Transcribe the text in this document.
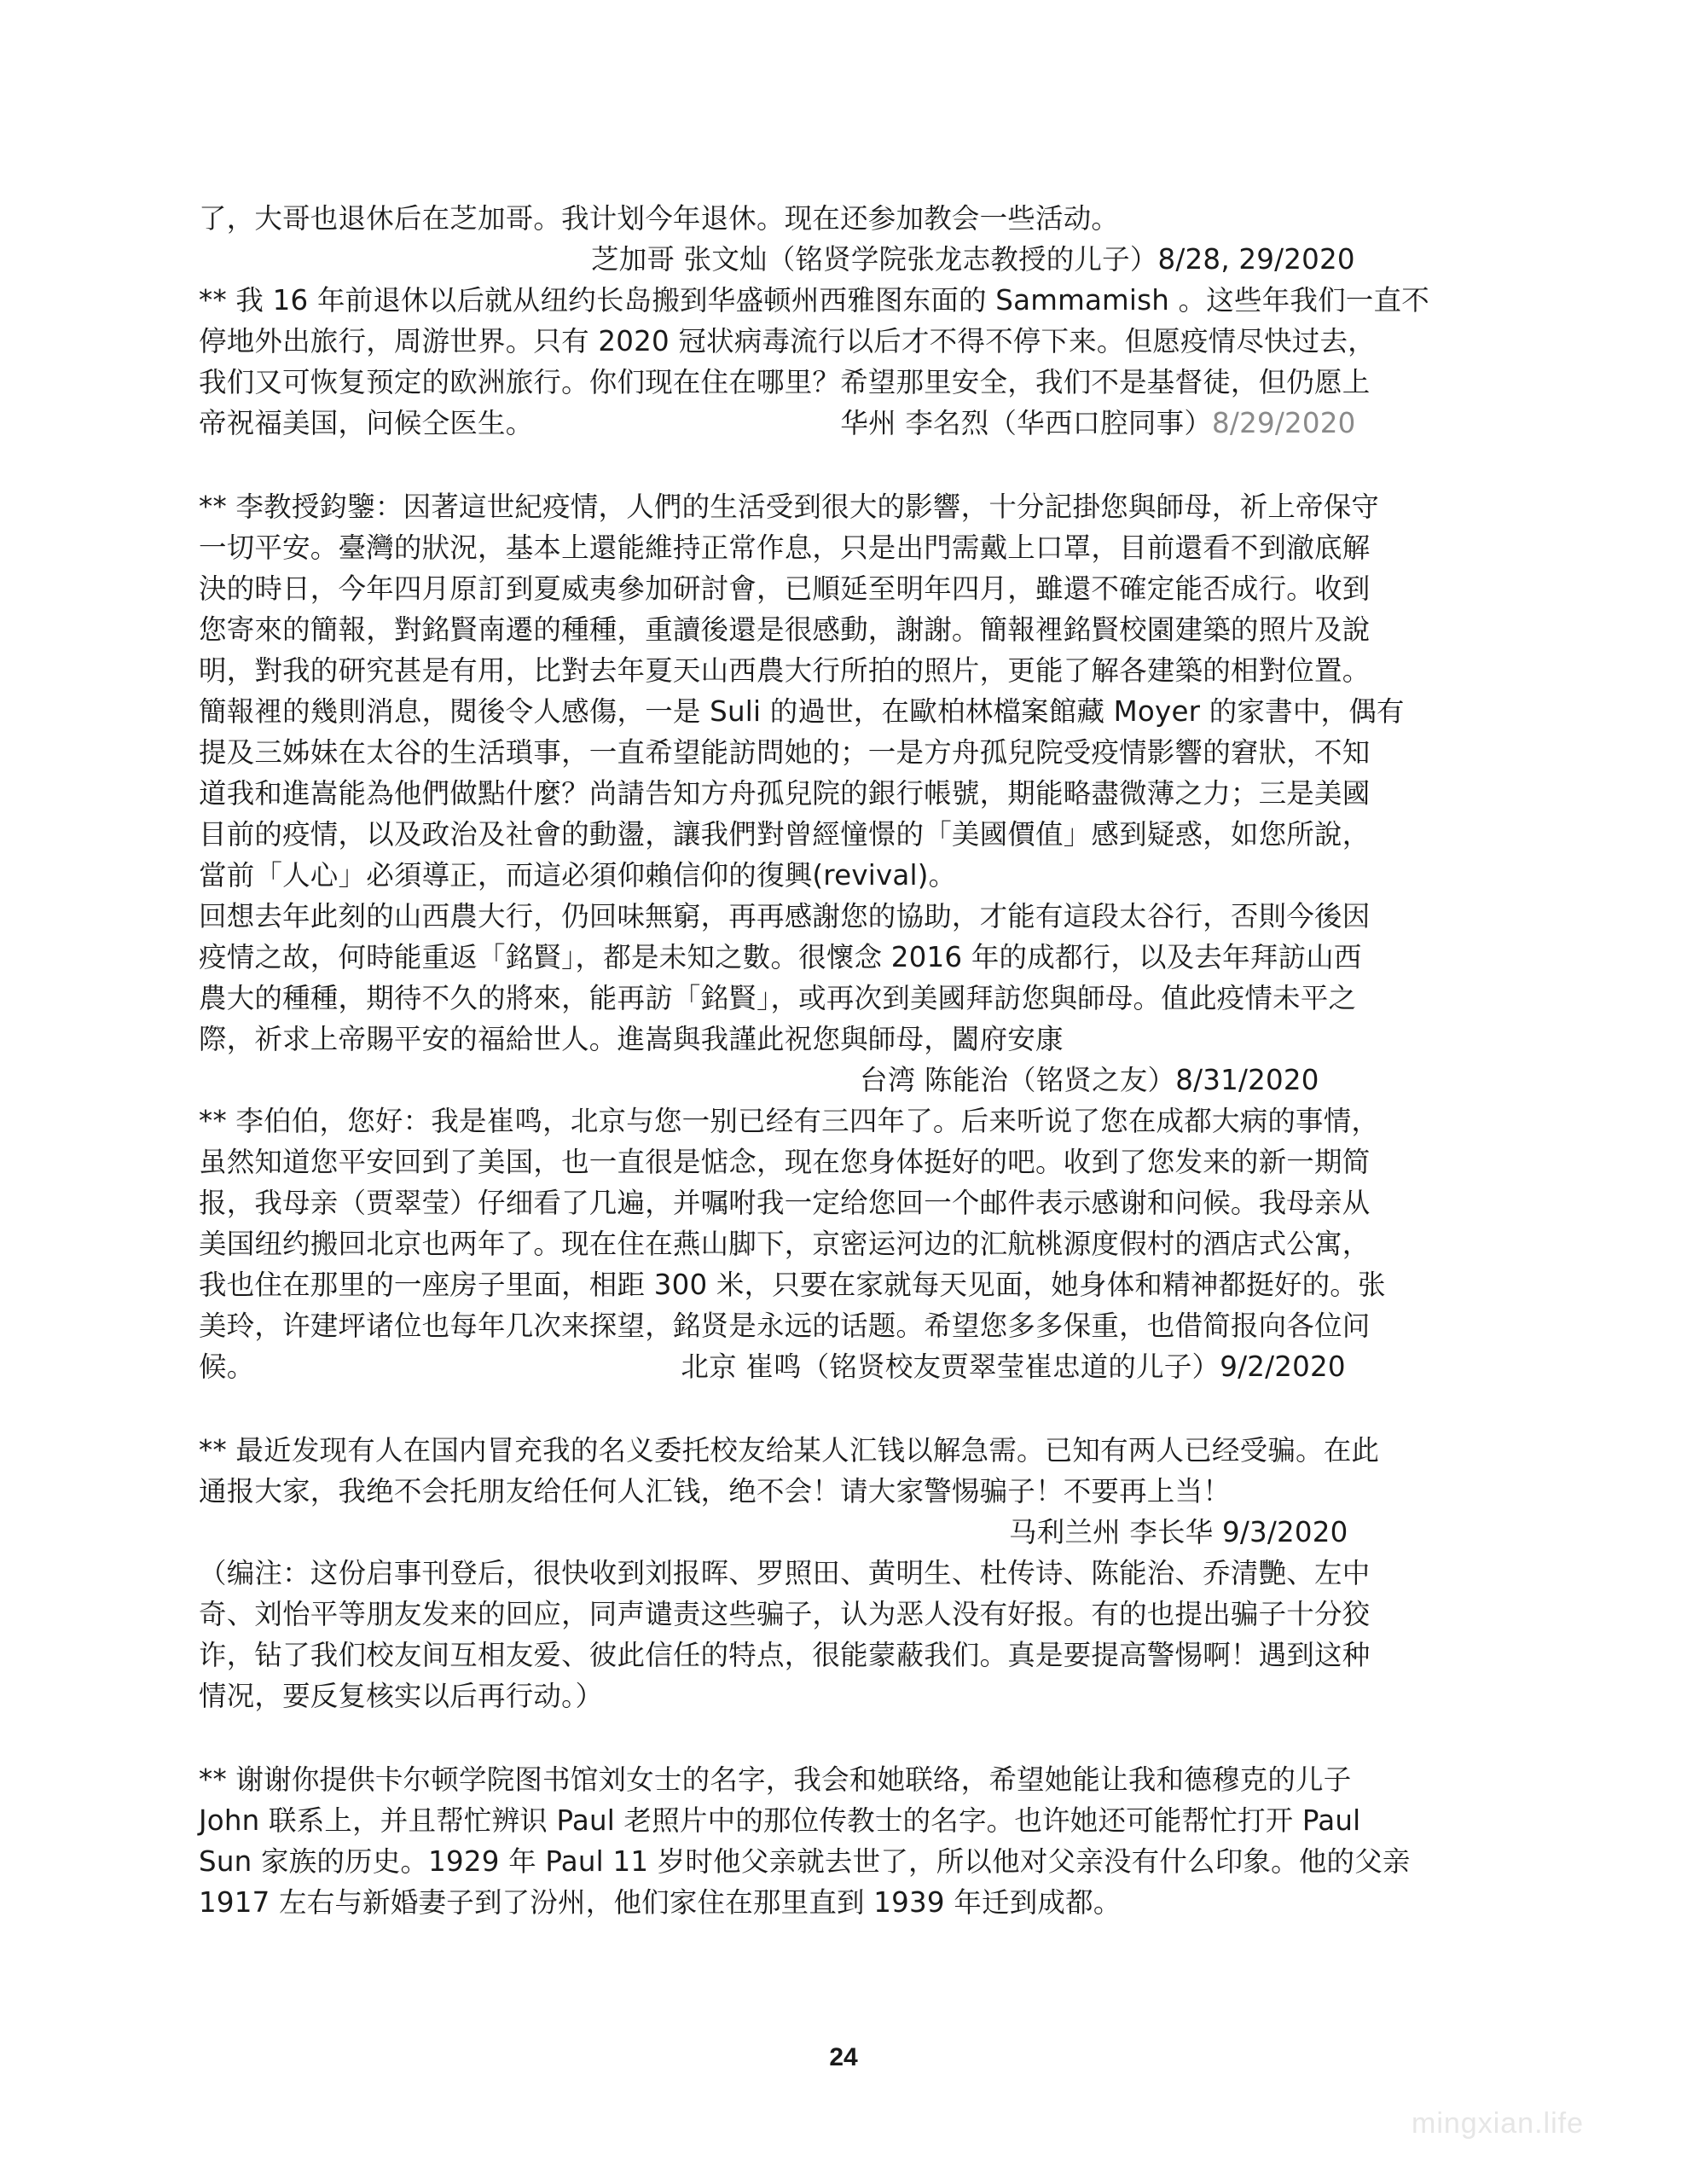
了，大哥也退休后在芝加哥。我计划今年退休。现在还参加教会一些活动。
芝加哥 张文灿（铭贤学院张龙志教授的儿子）8/28, 29/2020
** 我 16 年前退休以后就从纽约长岛搬到华盛顿州西雅图东面的 Sammamish 。这些年我们一直不
停地外出旅行，周游世界。只有 2020 冠状病毒流行以后才不得不停下来。但愿疫情尽快过去，
我们又可恢复预定的欧洲旅行。你们现在住在哪里？希望那里安全，我们不是基督徒，但仍愿上
帝祝福美国，问候仝医生。	华州 李名烈（华西口腔同事）8/29/2020
** 李教授鈞鑒：因著這世紀疫情，人們的生活受到很大的影響，十分記掛您與師母，祈上帝保守
一切平安。臺灣的狀況，基本上還能維持正常作息，只是出門需戴上口罩，目前還看不到澈底解
決的時日，今年四月原訂到夏威夷參加研討會，已順延至明年四月，雖還不確定能否成行。收到
您寄來的簡報，對銘賢南遷的種種，重讀後還是很感動，謝謝。簡報裡銘賢校園建築的照片及說
明，對我的研究甚是有用，比對去年夏天山西農大行所拍的照片，更能了解各建築的相對位置。
簡報裡的幾則消息，閱後令人感傷，一是 Suli 的過世，在歐柏林檔案館藏 Moyer 的家書中，偶有
提及三姊妹在太谷的生活瑣事，一直希望能訪問她的；一是方舟孤兒院受疫情影響的窘狀，不知
道我和進嵩能為他們做點什麼？尚請告知方舟孤兒院的銀行帳號，期能略盡微薄之力；三是美國
目前的疫情，以及政治及社會的動盪，讓我們對曾經憧憬的「美國價值」感到疑惑，如您所說，
當前「人心」必須導正，而這必須仰賴信仰的復興(revival)。
回想去年此刻的山西農大行，仍回味無窮，再再感謝您的協助，才能有這段太谷行，否則今後因
疫情之故，何時能重返「銘賢」，都是未知之數。很懷念 2016 年的成都行，以及去年拜訪山西
農大的種種，期待不久的將來，能再訪「銘賢」，或再次到美國拜訪您與師母。值此疫情未平之
際，祈求上帝賜平安的福給世人。進嵩與我謹此祝您與師母，闔府安康
台湾 陈能治（铭贤之友）8/31/2020
** 李伯伯，您好：我是崔鸣，北京与您一别已经有三四年了。后来听说了您在成都大病的事情，
虽然知道您平安回到了美国，也一直很是惦念，现在您身体挺好的吧。收到了您发来的新一期简
报，我母亲（贾翠莹）仔细看了几遍，并嘱咐我一定给您回一个邮件表示感谢和问候。我母亲从
美国纽约搬回北京也两年了。现在住在燕山脚下，京密运河边的汇航桃源度假村的酒店式公寓，
我也住在那里的一座房子里面，相距 300 米，只要在家就每天见面，她身体和精神都挺好的。张
美玲，许建坪诸位也每年几次来探望，銘贤是永远的话题。希望您多多保重，也借简报向各位问
候。	北京 崔鸣（铭贤校友贾翠莹崔忠道的儿子）9/2/2020
** 最近发现有人在国内冒充我的名义委托校友给某人汇钱以解急需。已知有两人已经受骗。在此
通报大家，我绝不会托朋友给任何人汇钱，绝不会！请大家警惕骗子！不要再上当！
马利兰州 李长华 9/3/2020
（编注：这份启事刊登后，很快收到刘报晖、罗照田、黄明生、杜传诗、陈能治、乔清艷、左中
奇、刘怡平等朋友发来的回应，同声谴责这些骗子，认为恶人没有好报。有的也提出骗子十分狡
诈，钻了我们校友间互相友爱、彼此信任的特点，很能蒙蔽我们。真是要提高警惕啊！遇到这种
情况，要反复核实以后再行动。）
** 谢谢你提供卡尔顿学院图书馆刘女士的名字，我会和她联络，希望她能让我和德穆克的儿子
John 联系上，并且帮忙辨识 Paul 老照片中的那位传教士的名字。也许她还可能帮忙打开 Paul
Sun 家族的历史。1929 年 Paul 11 岁时他父亲就去世了，所以他对父亲没有什么印象。他的父亲
1917 左右与新婚妻子到了汾州，他们家住在那里直到 1939 年迁到成都。
24
mingxian.life
